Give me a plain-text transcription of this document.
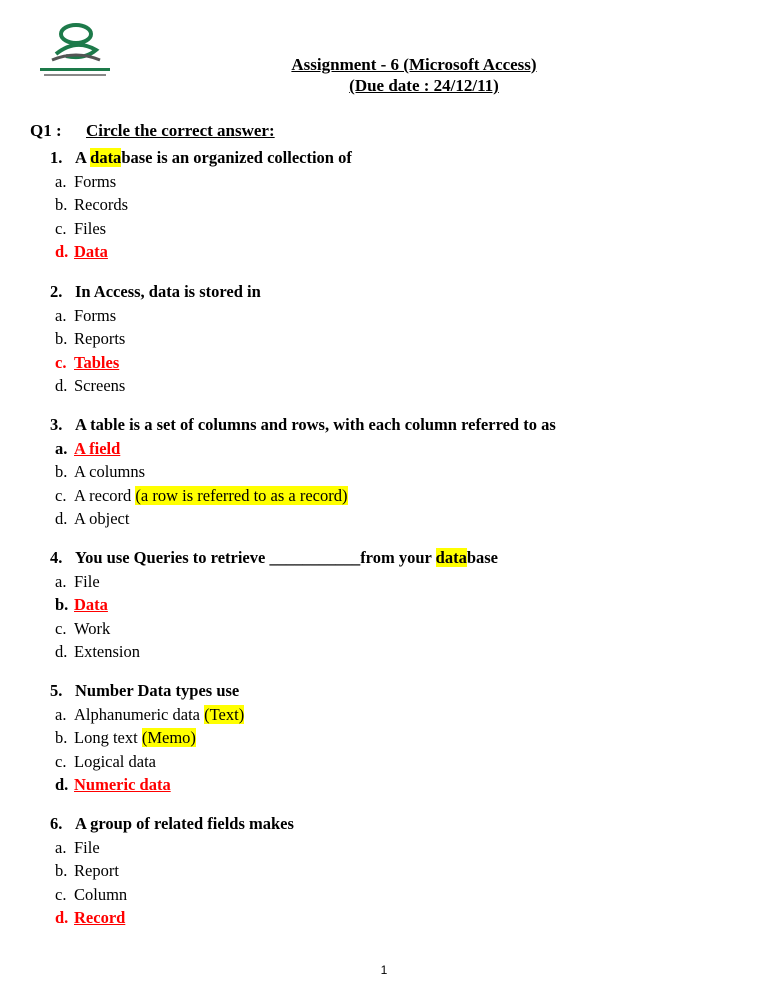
Assignment - 6 (Microsoft Access)
(Due date : 24/12/11)
Q1 : Circle the correct answer:
1. A database is an organized collection of
a. Forms
b. Records
c. Files
d. Data
2. In Access, data is stored in
a. Forms
b. Reports
c. Tables
d. Screens
3. A table is a set of columns and rows, with each column referred to as
a. A field
b. A columns
c. A record (a row is referred to as a record)
d. A object
4. You use Queries to retrieve ___________from your database
a. File
b. Data
c. Work
d. Extension
5. Number Data types use
a. Alphanumeric data (Text)
b. Long text (Memo)
c. Logical data
d. Numeric data
6. A group of related fields makes
a. File
b. Report
c. Column
d. Record
1
